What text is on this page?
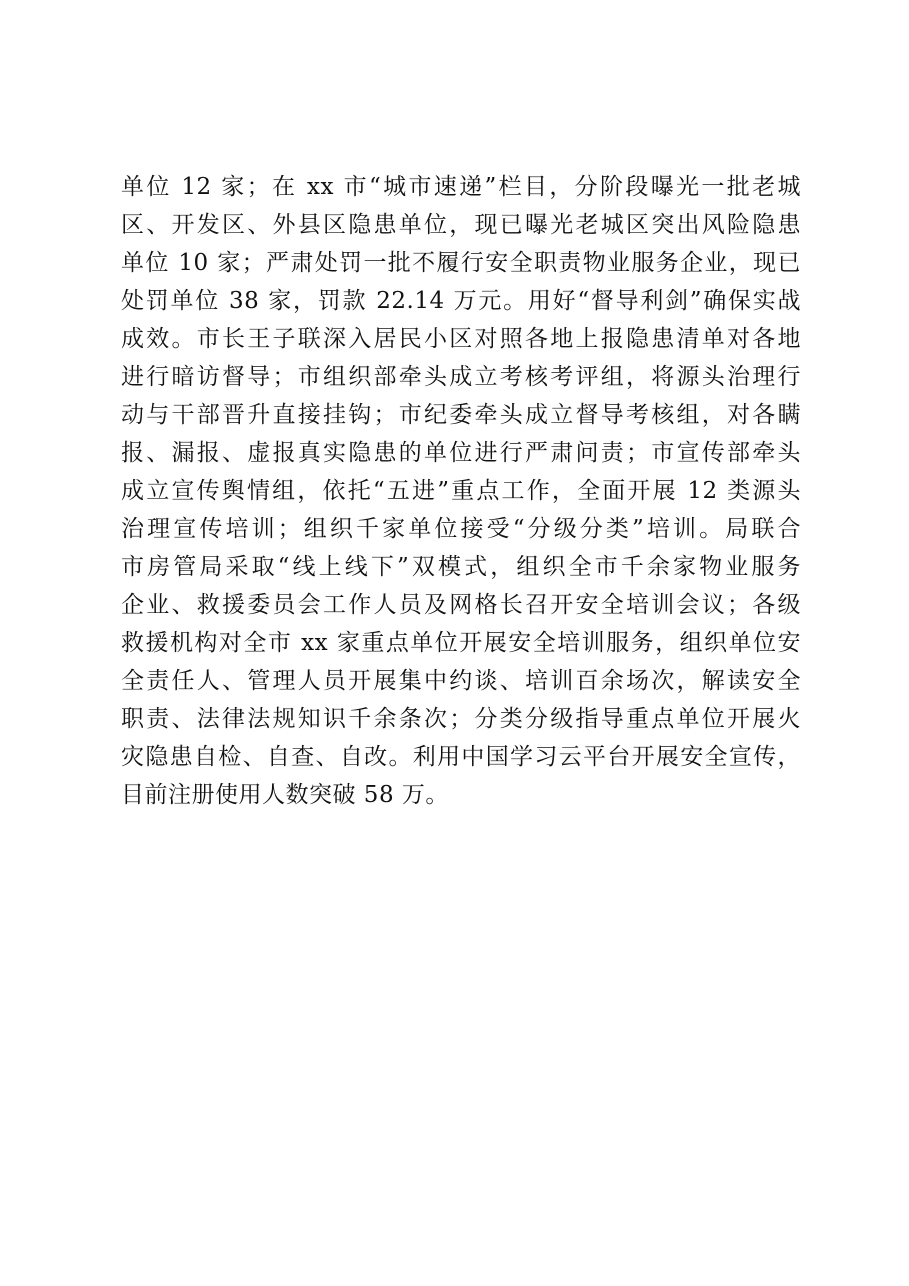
单位 12 家；在 xx 市“城市速递”栏目，分阶段曝光一批老城
区、开发区、外县区隐患单位，现已曝光老城区突出风险隐患
单位 10 家；严肃处罚一批不履行安全职责物业服务企业，现已
处罚单位 38 家，罚款 22.14 万元。用好“督导利剑”确保实战
成效。市长王子联深入居民小区对照各地上报隐患清单对各地
进行暗访督导；市组织部牵头成立考核考评组，将源头治理行
动与干部晋升直接挂钩；市纪委牵头成立督导考核组，对各瞒
报、漏报、虚报真实隐患的单位进行严肃问责；市宣传部牵头
成立宣传舆情组，依托“五进”重点工作，全面开展 12 类源头
治理宣传培训；组织千家单位接受“分级分类”培训。局联合
市房管局采取“线上线下”双模式，组织全市千余家物业服务
企业、救援委员会工作人员及网格长召开安全培训会议；各级
救援机构对全市 xx 家重点单位开展安全培训服务，组织单位安
全责任人、管理人员开展集中约谈、培训百余场次，解读安全
职责、法律法规知识千余条次；分类分级指导重点单位开展火
灾隐患自检、自查、自改。利用中国学习云平台开展安全宣传，
目前注册使用人数突破 58 万。
